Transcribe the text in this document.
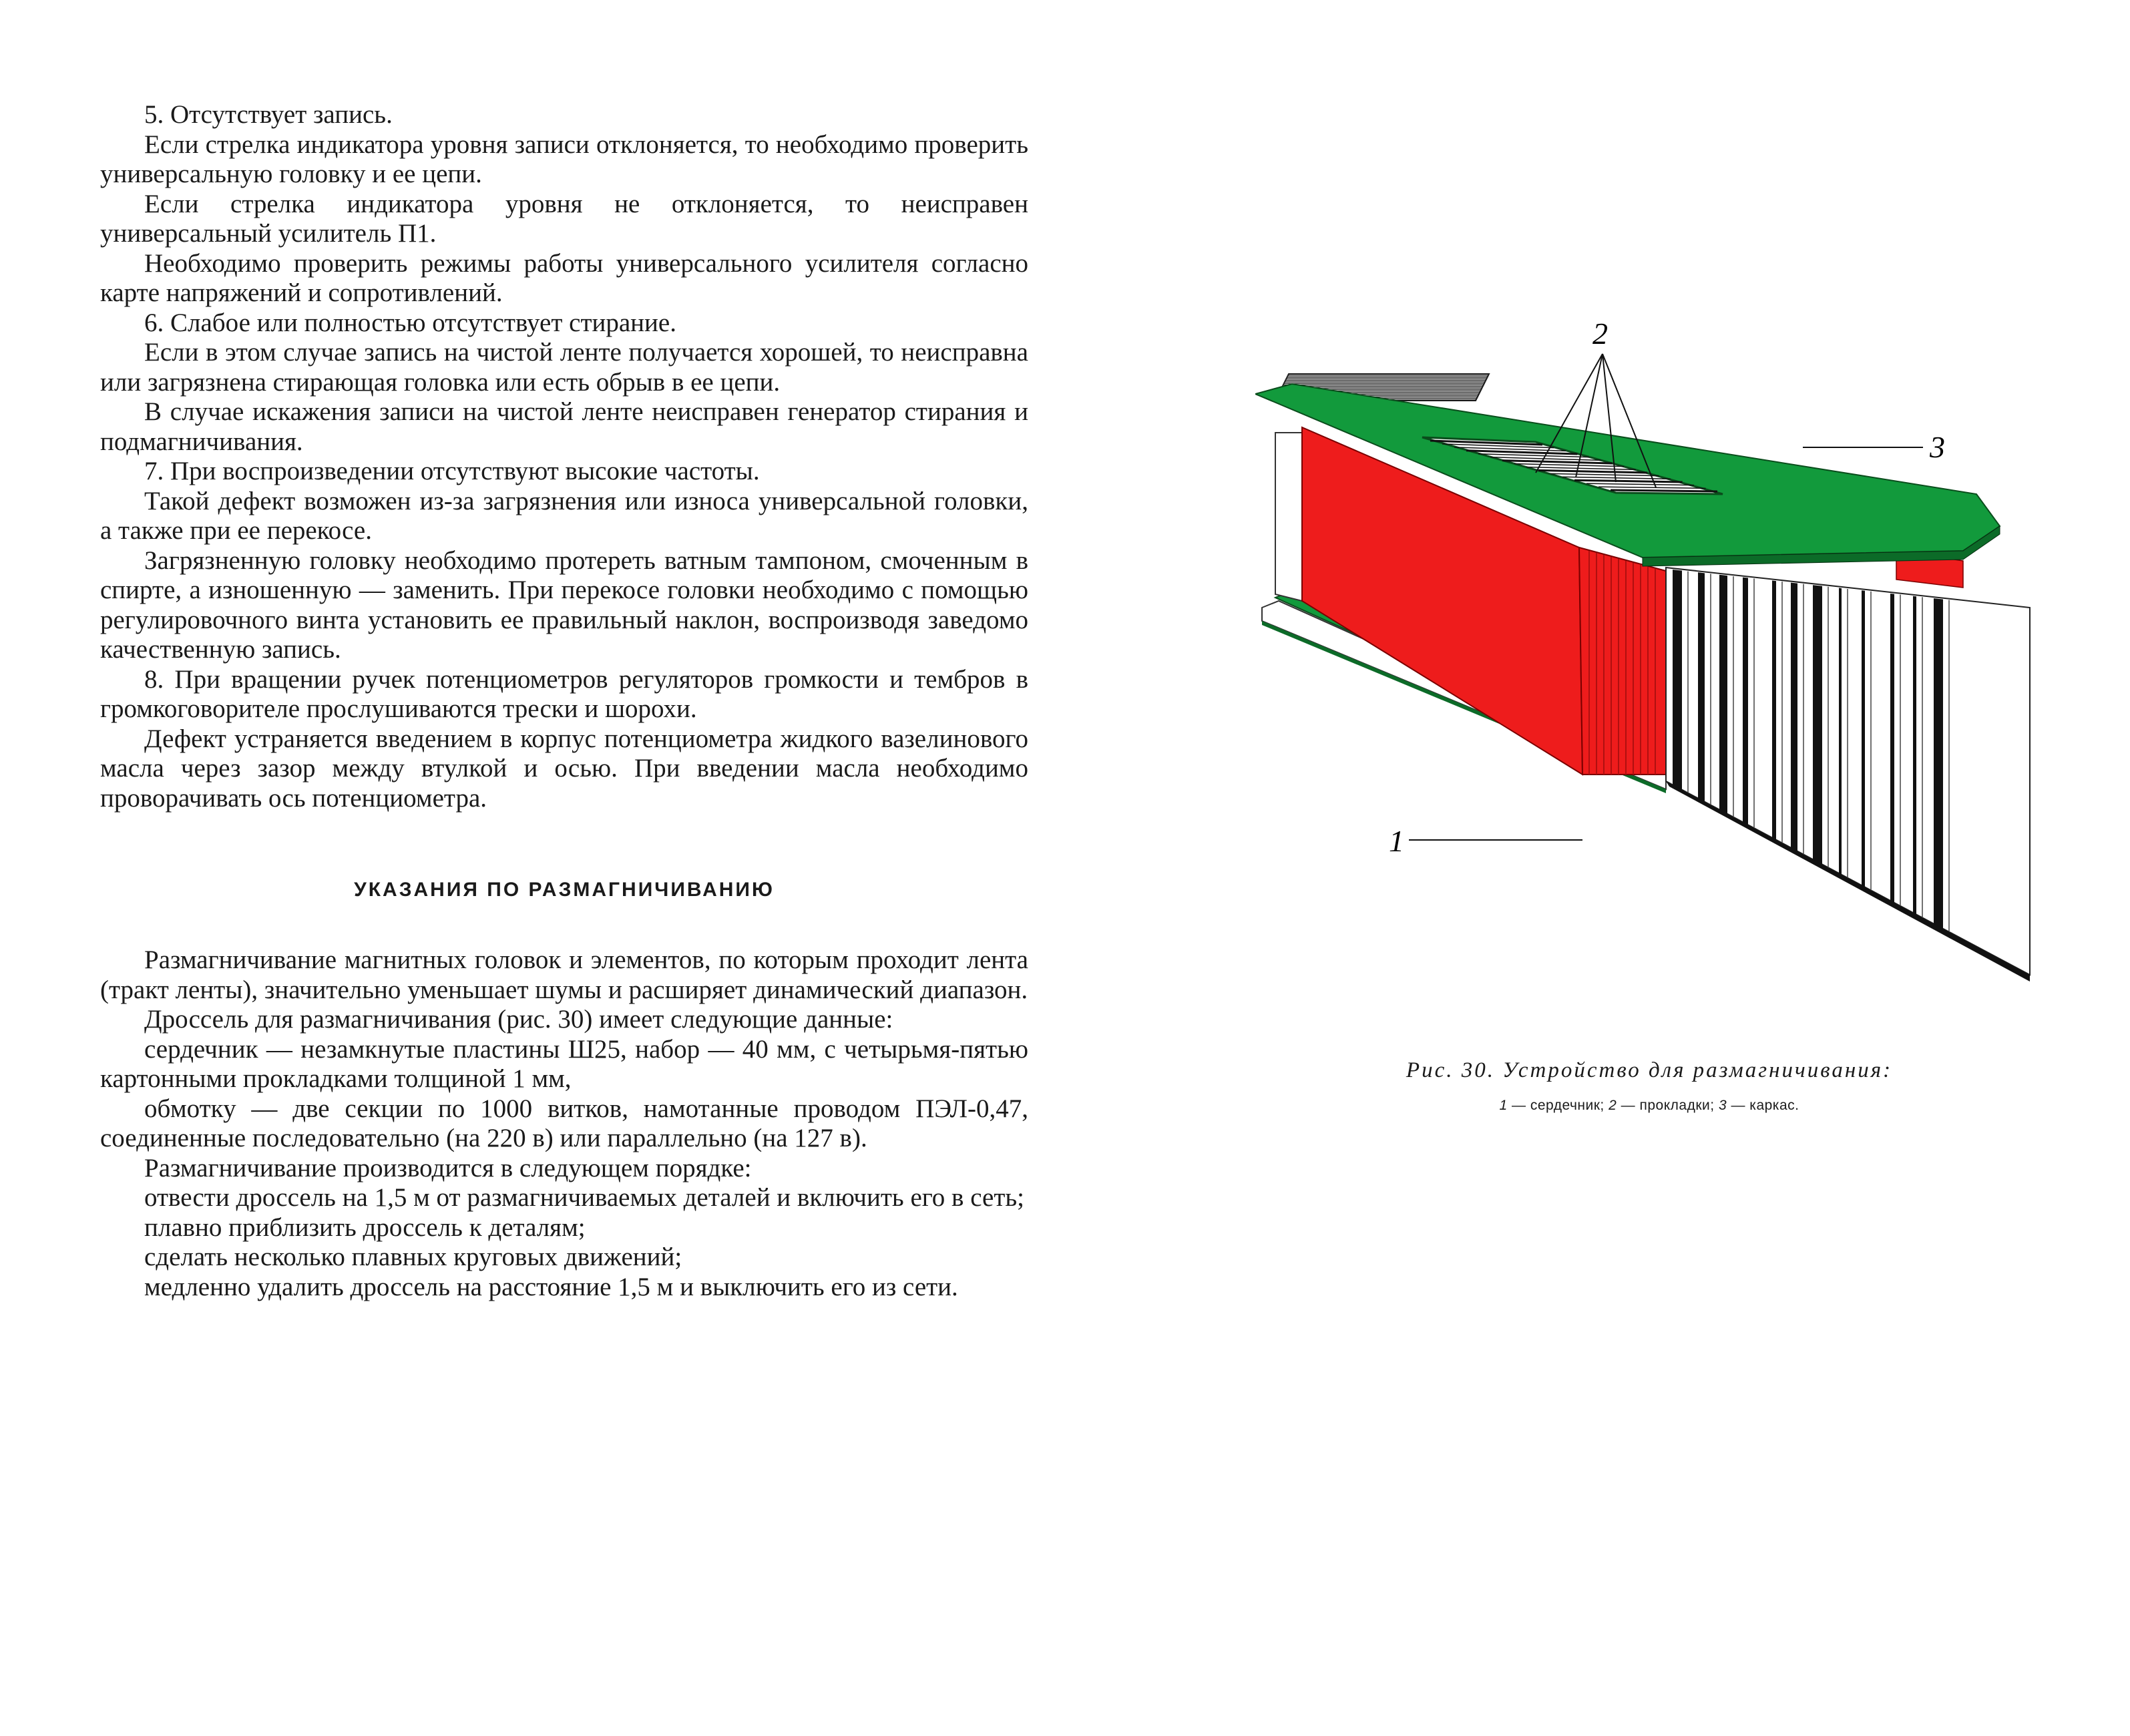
5. Отсутствует запись.

Если стрелка индикатора уровня записи отклоняется, то необходимо проверить универсальную головку и ее цепи.

Если стрелка индикатора уровня не отклоняется, то неисправен универсальный усилитель П1.

Необходимо проверить режимы работы универсального усилителя согласно карте напряжений и сопротивлений.

6. Слабое или полностью отсутствует стирание.

Если в этом случае запись на чистой ленте получается хорошей, то неисправна или загрязнена стирающая головка или есть обрыв в ее цепи.

В случае искажения записи на чистой ленте неисправен генератор стирания и подмагничивания.

7. При воспроизведении отсутствуют высокие частоты.

Такой дефект возможен из-за загрязнения или износа универсальной головки, а также при ее перекосе.

Загрязненную головку необходимо протереть ватным тампоном, смоченным в спирте, а изношенную — заменить. При перекосе головки необходимо с помощью регулировочного винта установить ее правильный наклон, воспроизводя заведомо качественную запись.

8. При вращении ручек потенциометров регуляторов громкости и тембров в громкоговорителе прослушиваются трески и шорохи.

Дефект устраняется введением в корпус потенциометра жидкого вазелинового масла через зазор между втулкой и осью. При введении масла необходимо проворачивать ось потенциометра.

УКАЗАНИЯ ПО РАЗМАГНИЧИВАНИЮ

Размагничивание магнитных головок и элементов, по которым проходит лента (тракт ленты), значительно уменьшает шумы и расширяет динамический диапазон.

Дроссель для размагничивания (рис. 30) имеет следующие данные:

сердечник — незамкнутые пластины Ш25, набор — 40 мм, с четырьмя-пятью картонными прокладками толщиной 1 мм,

обмотку — две секции по 1000 витков, намотанные проводом ПЭЛ-0,47, соединенные последовательно (на 220 в) или параллельно (на 127 в).

Размагничивание производится в следующем порядке:

отвести дроссель на 1,5 м от размагничиваемых деталей и включить его в сеть;

плавно приблизить дроссель к деталям;

сделать несколько плавных круговых движений;

медленно удалить дроссель на расстояние 1,5 м и выключить его из сети.

2
3
1
Рис. 30. Устройство для размагничивания:
1 — сердечник; 2 — прокладки; 3 — каркас.
